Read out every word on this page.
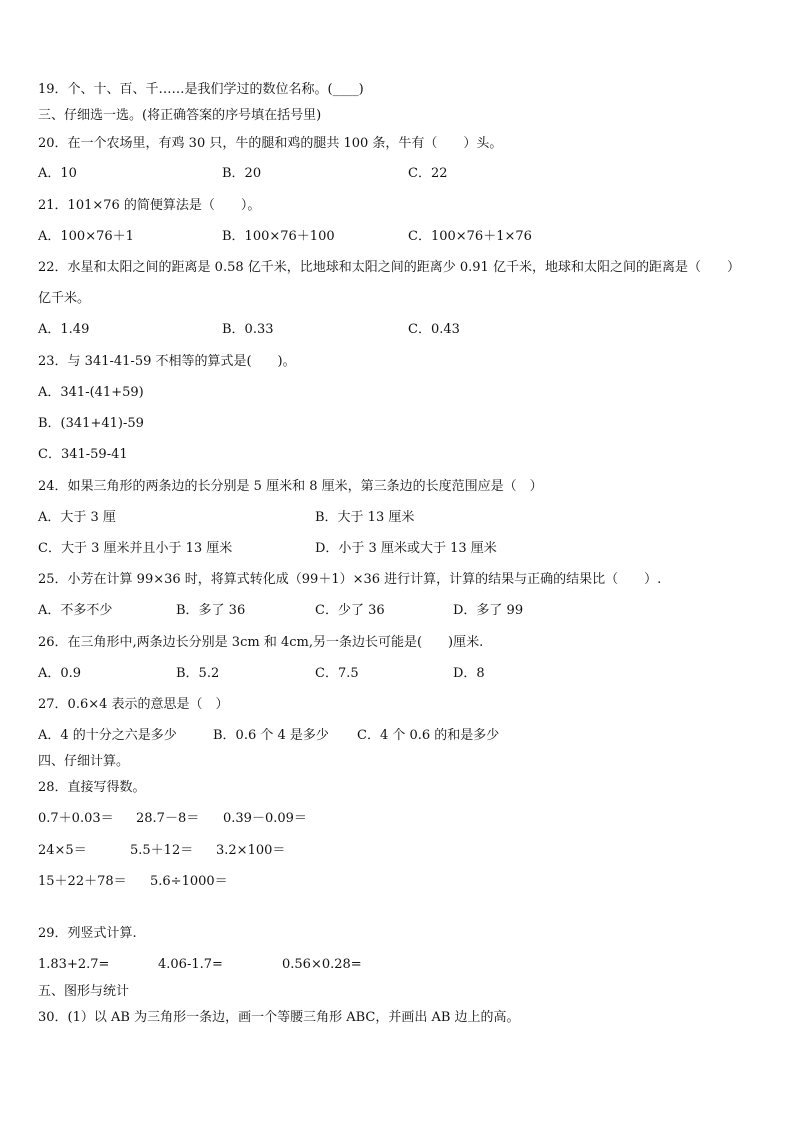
19．个、十、百、千……是我们学过的数位名称。(____)
三、仔细选一选。(将正确答案的序号填在括号里)
20．在一个农场里，有鸡 30 只，牛的腿和鸡的腿共 100 条，牛有（　　）头。
A．10	B．20	C．22
21．101×76 的简便算法是（　　）。
A．100×76＋1	B．100×76＋100	C．100×76＋1×76
22．水星和太阳之间的距离是 0.58 亿千米，比地球和太阳之间的距离少 0.91 亿千米，地球和太阳之间的距离是（　　）
亿千米。
A．1.49	B．0.33	C．0.43
23．与 341-41-59 不相等的算式是(　　)。
A．341-(41+59)
B．(341+41)-59
C．341-59-41
24．如果三角形的两条边的长分别是 5 厘米和 8 厘米，第三条边的长度范围应是（　）
A．大于 3 厘	B．大于 13 厘米
C．大于 3 厘米并且小于 13 厘米	D．小于 3 厘米或大于 13 厘米
25．小芳在计算 99×36 时，将算式转化成（99＋1）×36 进行计算，计算的结果与正确的结果比（　　）.
A．不多不少	B．多了 36	C．少了 36	D．多了 99
26．在三角形中,两条边长分别是 3cm 和 4cm,另一条边长可能是(　　)厘米.
A．0.9	B．5.2	C．7.5	D．8
27．0.6×4 表示的意思是（　）
A．4 的十分之六是多少	B．0.6 个 4 是多少 C．4 个 0.6 的和是多少
四、仔细计算。
28．直接写得数。
0.7＋0.03＝ 28.7－8＝ 0.39－0.09＝
24×5＝	5.5＋12＝ 3.2×100＝
15＋22＋78＝ 5.6÷1000＝
29．列竖式计算.
1.83+2.7=	4.06-1.7=	0.56×0.28=
五、图形与统计
30．(1）以 AB 为三角形一条边，画一个等腰三角形 ABC，并画出 AB 边上的高。
